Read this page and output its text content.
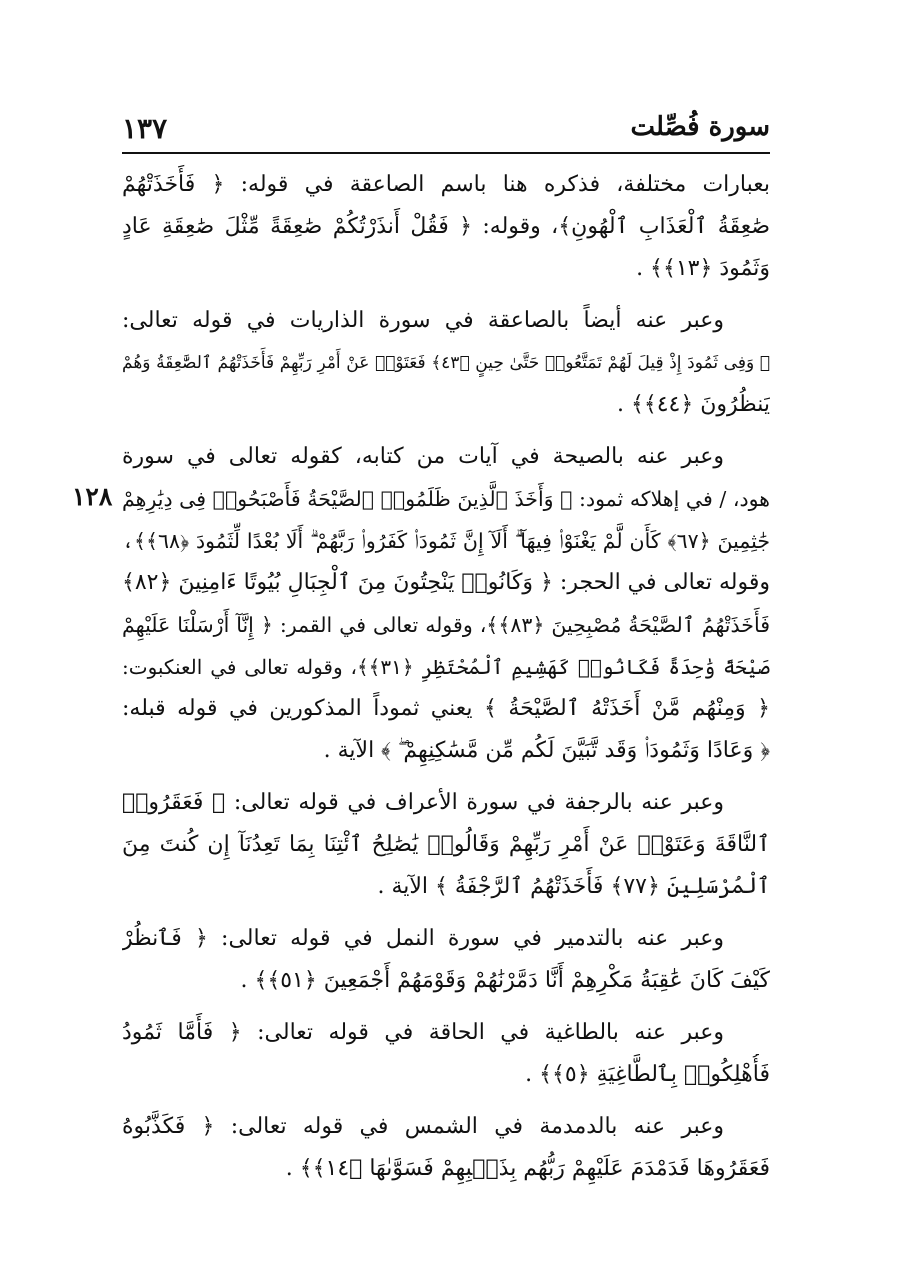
سورة فُصِّلت
١٣٧
١٢٨
بعبارات مختلفة، فذكره هنا باسم الصاعقة في قوله: ﴿ فَأَخَذَتْهُمْ
صَٰعِقَةُ ٱلْعَذَابِ ٱلْهُونِ﴾، وقوله: ﴿ فَقُلْ أَنذَرْتُكُمْ صَٰعِقَةً مِّثْلَ صَٰعِقَةِ عَادٍ
وَثَمُودَ ﴿١٣﴾﴾ .
وعبر عنه أيضاً بالصاعقة في سورة الذاريات في قوله تعالى:
﴿ وَفِى ثَمُودَ إِذْ قِيلَ لَهُمْ تَمَتَّعُوا۟ حَتَّىٰ حِينٍ ﴿٤٣﴾ فَعَتَوْا۟ عَنْ أَمْرِ رَبِّهِمْ فَأَخَذَتْهُمُ ٱلصَّٰعِقَةُ وَهُمْ
يَنظُرُونَ ﴿٤٤﴾﴾ .
وعبر عنه بالصيحة في آيات من كتابه، كقوله تعالى في سورة
هود، / في إهلاكه ثمود: ﴿ وَأَخَذَ ٱلَّذِينَ ظَلَمُوا۟ ٱلصَّيْحَةُ فَأَصْبَحُوا۟ فِى دِيَٰرِهِمْ
جَٰثِمِينَ ﴿٦٧﴾ كَأَن لَّمْ يَغْنَوْا۟ فِيهَآ ۗ أَلَآ إِنَّ ثَمُودَا۟ كَفَرُوا۟ رَبَّهُمْ ۗ أَلَا بُعْدًا لِّثَمُودَ ﴿٦٨﴾﴾،
وقوله تعالى في الحجر: ﴿ وَكَانُوا۟ يَنْحِتُونَ مِنَ ٱلْجِبَالِ بُيُوتًا ءَامِنِينَ ﴿٨٢﴾
فَأَخَذَتْهُمُ ٱلصَّيْحَةُ مُصْبِحِينَ ﴿٨٣﴾﴾، وقوله تعالى في القمر: ﴿ إِنَّآ أَرْسَلْنَا عَلَيْهِمْ
صَيْحَةً وَٰحِدَةً فَكَانُوا۟ كَهَشِيمِ ٱلْمُحْتَظِرِ ﴿٣١﴾﴾، وقوله تعالى في العنكبوت:
﴿ وَمِنْهُم مَّنْ أَخَذَتْهُ ٱلصَّيْحَةُ ﴾ يعني ثموداً المذكورين في قوله قبله:
﴿ وَعَادًا وَثَمُودَا۟ وَقَد تَّبَيَّنَ لَكُم مِّن مَّسَٰكِنِهِمْ ۖ ﴾ الآية .
وعبر عنه بالرجفة في سورة الأعراف في قوله تعالى: ﴿ فَعَقَرُوا۟
ٱلنَّاقَةَ وَعَتَوْا۟ عَنْ أَمْرِ رَبِّهِمْ وَقَالُوا۟ يَٰصَٰلِحُ ٱئْتِنَا بِمَا تَعِدُنَآ إِن كُنتَ مِنَ
ٱلْمُرْسَلِينَ ﴿٧٧﴾ فَأَخَذَتْهُمُ ٱلرَّجْفَةُ ﴾ الآية .
وعبر عنه بالتدمير في سورة النمل في قوله تعالى: ﴿ فَٱنظُرْ
كَيْفَ كَانَ عَٰقِبَةُ مَكْرِهِمْ أَنَّا دَمَّرْنَٰهُمْ وَقَوْمَهُمْ أَجْمَعِينَ ﴿٥١﴾﴾ .
وعبر عنه بالطاغية في الحاقة في قوله تعالى: ﴿ فَأَمَّا ثَمُودُ
فَأُهْلِكُوا۟ بِٱلطَّاغِيَةِ ﴿٥﴾﴾ .
وعبر عنه بالدمدمة في الشمس في قوله تعالى: ﴿ فَكَذَّبُوهُ
فَعَقَرُوهَا فَدَمْدَمَ عَلَيْهِمْ رَبُّهُم بِذَنۢبِهِمْ فَسَوَّىٰهَا ﴿١٤﴾﴾ .
